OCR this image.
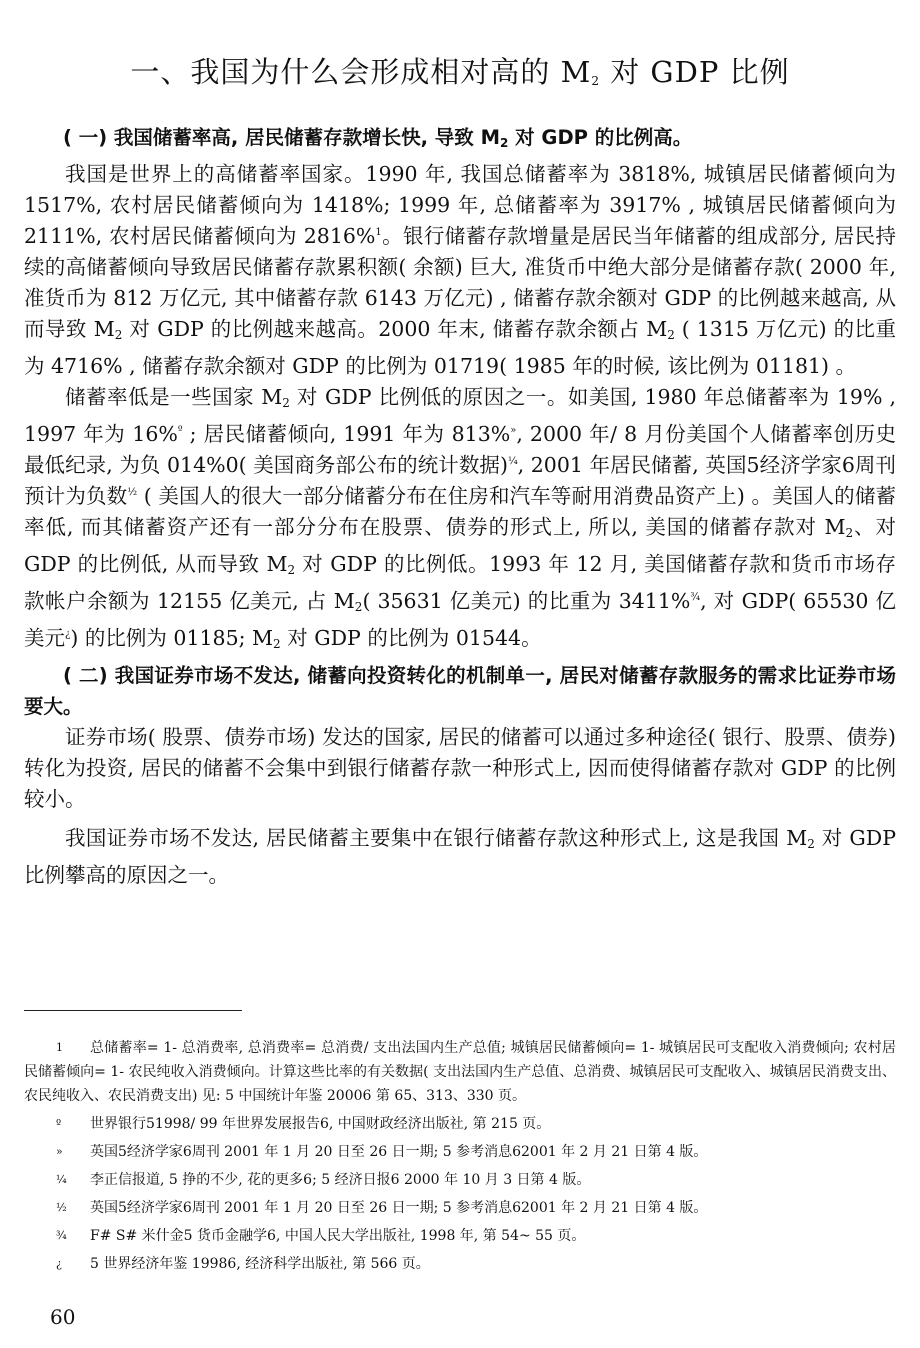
一、我国为什么会形成相对高的 $M_2$ 对 GDP 比例

( 一) 我国储蓄率高, 居民储蓄存款增长快, 导致 $M_2$ 对 GDP 的比例高。

我国是世界上的高储蓄率国家。1990 年, 我国总储蓄率为 3818%, 城镇居民储蓄倾向为 1517%, 农村居民储蓄倾向为 1418%; 1999 年, 总储蓄率为 3917% , 城镇居民储蓄倾向为 2111%, 农村居民储蓄倾向为 2816%$^1$。银行储蓄存款增量是居民当年储蓄的组成部分, 居民持续的高储蓄倾向导致居民储蓄存款累积额( 余额) 巨大, 准货币中绝大部分是储蓄存款( 2000 年, 准货币为 812 万亿元, 其中储蓄存款 6143 万亿元) , 储蓄存款余额对 GDP 的比例越来越高, 从而导致 $M_2$ 对 GDP 的比例越来越高。2000 年末, 储蓄存款余额占 $M_2$ ( 1315 万亿元) 的比重为 4716% , 储蓄存款余额对 GDP 的比例为 01719( 1985 年的时候, 该比例为 01181) 。

储蓄率低是一些国家 $M_2$ 对 GDP 比例低的原因之一。如美国, 1980 年总储蓄率为 19% , 1997 年为 16%$^º$ ; 居民储蓄倾向, 1991 年为 813%», 2000 年/ 8 月份美国个人储蓄率创历史最低纪录, 为负 014%0( 美国商务部公布的统计数据)$^{\frac{1}{4}}$, 2001 年居民储蓄, 英国5经济学家6周刊预计为负数$^{\frac{1}{2}}$ ( 美国人的很大一部分储蓄分布在住房和汽车等耐用消费品资产上) 。美国人的储蓄率低, 而其储蓄资产还有一部分分布在股票、债券的形式上, 所以, 美国的储蓄存款对 $M_2$、对 GDP 的比例低, 从而导致 $M_2$ 对 GDP 的比例低。1993 年 12 月, 美国储蓄存款和货币市场存款帐户余额为 12155 亿美元, 占 $M_2$( 35631 亿美元) 的比重为 3411%$^{\frac{3}{4}}$, 对 GDP( 65530 亿美元¿) 的比例为 01185; $M_2$ 对 GDP 的比例为 01544。

( 二) 我国证券市场不发达, 储蓄向投资转化的机制单一, 居民对储蓄存款服务的需求比证券市场要大。

证券市场( 股票、债券市场) 发达的国家, 居民的储蓄可以通过多种途径( 银行、股票、债券) 转化为投资, 居民的储蓄不会集中到银行储蓄存款一种形式上, 因而使得储蓄存款对 GDP 的比例较小。

我国证券市场不发达, 居民储蓄主要集中在银行储蓄存款这种形式上, 这是我国 $M_2$ 对 GDP 比例攀高的原因之一。

1 总储蓄率= 1- 总消费率, 总消费率= 总消费/ 支出法国内生产总值; 城镇居民储蓄倾向= 1- 城镇居民可支配收入消费倾向; 农村居民储蓄倾向= 1- 农民纯收入消费倾向。计算这些比率的有关数据( 支出法国内生产总值、总消费、城镇居民可支配收入、城镇居民消费支出、农民纯收入、农民消费支出) 见: 5 中国统计年鉴 20006 第 65、313、330 页。

º 世界银行51998/ 99 年世界发展报告6, 中国财政经济出版社, 第 215 页。

» 英国5经济学家6周刊 2001 年 1 月 20 日至 26 日一期; 5 参考消息62001 年 2 月 21 日第 4 版。

¼ 李正信报道, 5 挣的不少, 花的更多6; 5 经济日报6 2000 年 10 月 3 日第 4 版。

½ 英国5经济学家6周刊 2001 年 1 月 20 日至 26 日一期; 5 参考消息62001 年 2 月 21 日第 4 版。

¾ F# S# 米什金5 货币金融学6, 中国人民大学出版社, 1998 年, 第 54~ 55 页。

¿ 5 世界经济年鉴 19986, 经济科学出版社, 第 566 页。

60
